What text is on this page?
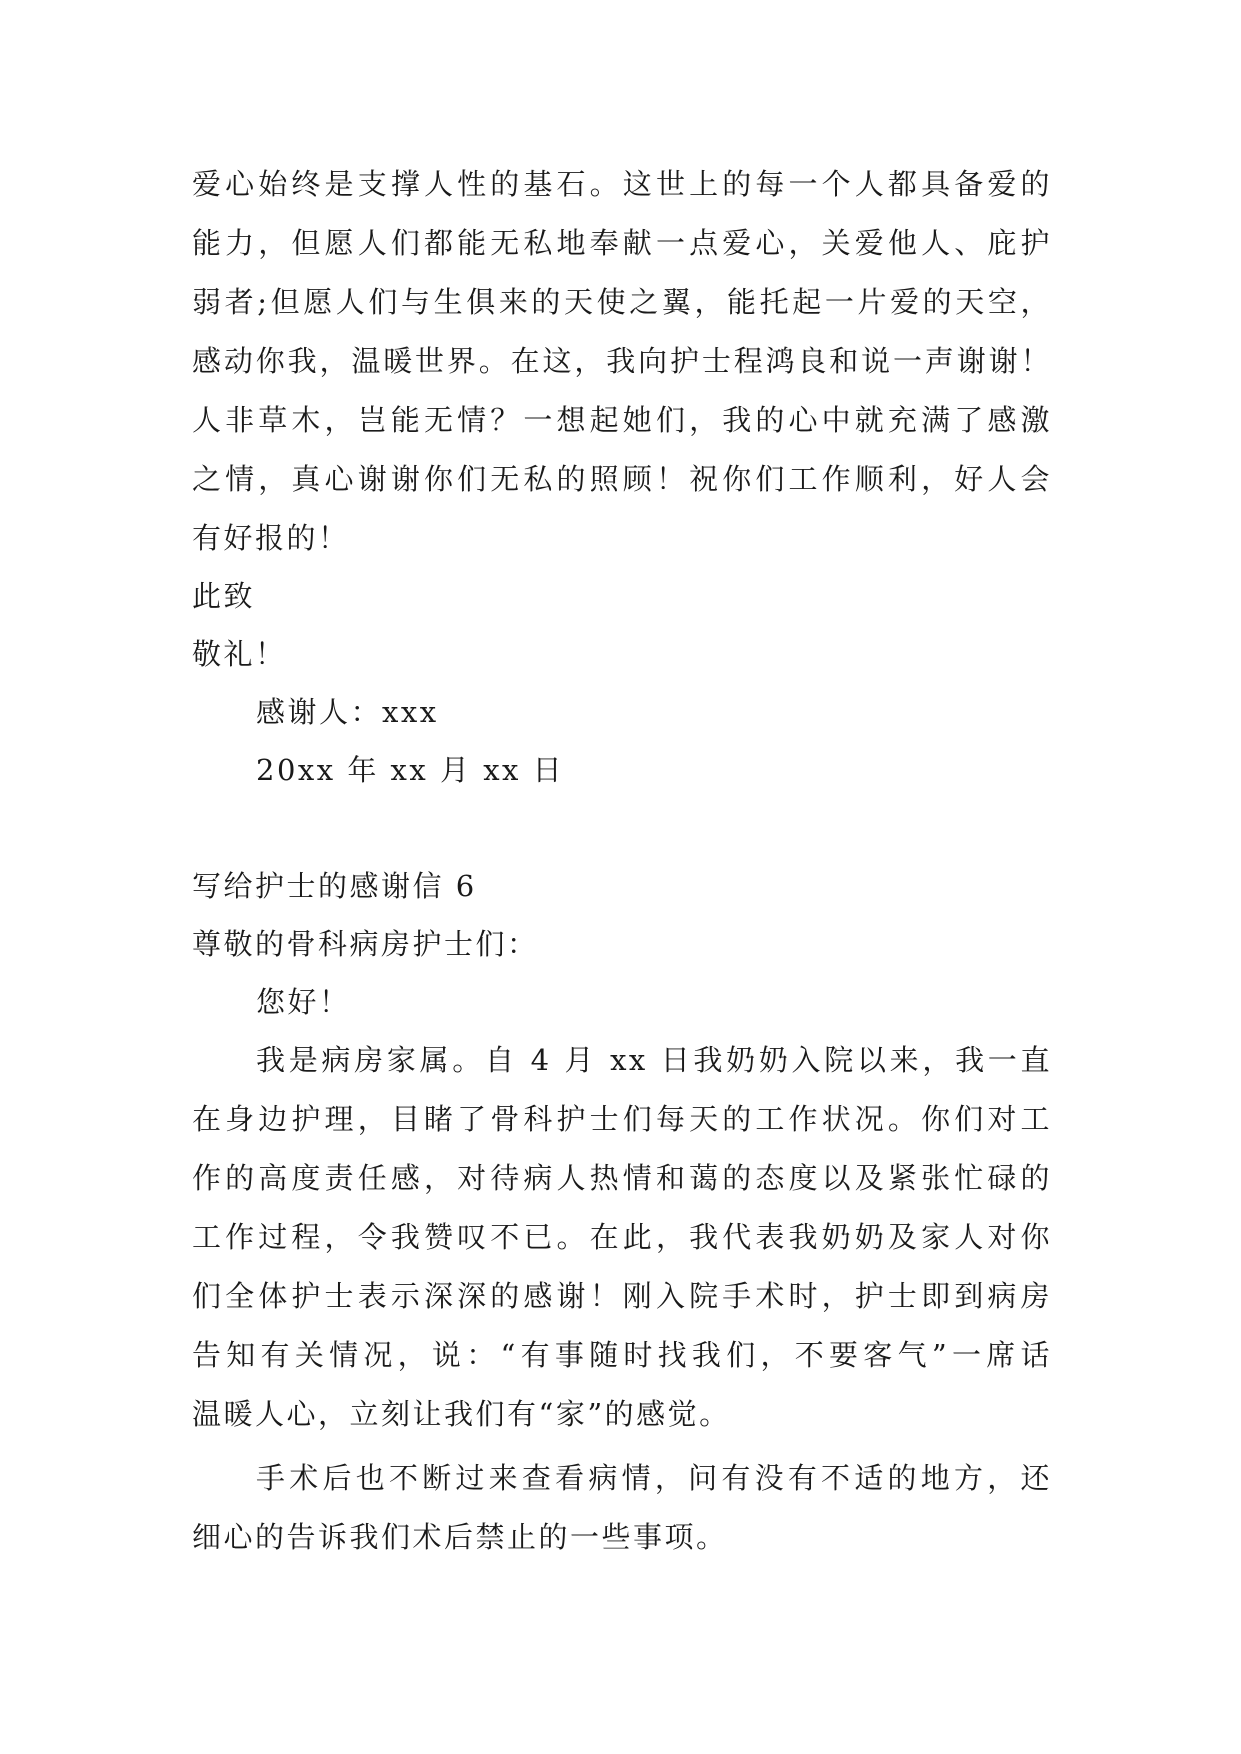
爱心始终是支撑人性的基石。这世上的每一个人都具备爱的
能力，但愿人们都能无私地奉献一点爱心，关爱他人、庇护
弱者;但愿人们与生俱来的天使之翼，能托起一片爱的天空，
感动你我，温暖世界。在这，我向护士程鸿良和说一声谢谢！
人非草木，岂能无情？一想起她们，我的心中就充满了感激
之情，真心谢谢你们无私的照顾！祝你们工作顺利，好人会
有好报的！
此致
敬礼！
感谢人：xxx
20xx 年 xx 月 xx 日
写给护士的感谢信 6
尊敬的骨科病房护士们：
您好！
我是病房家属。自 4 月 xx 日我奶奶入院以来，我一直
在身边护理，目睹了骨科护士们每天的工作状况。你们对工
作的高度责任感，对待病人热情和蔼的态度以及紧张忙碌的
工作过程，令我赞叹不已。在此，我代表我奶奶及家人对你
们全体护士表示深深的感谢！刚入院手术时，护士即到病房
告知有关情况，说：“有事随时找我们，不要客气”一席话
温暖人心，立刻让我们有“家”的感觉。
手术后也不断过来查看病情，问有没有不适的地方，还
细心的告诉我们术后禁止的一些事项。
